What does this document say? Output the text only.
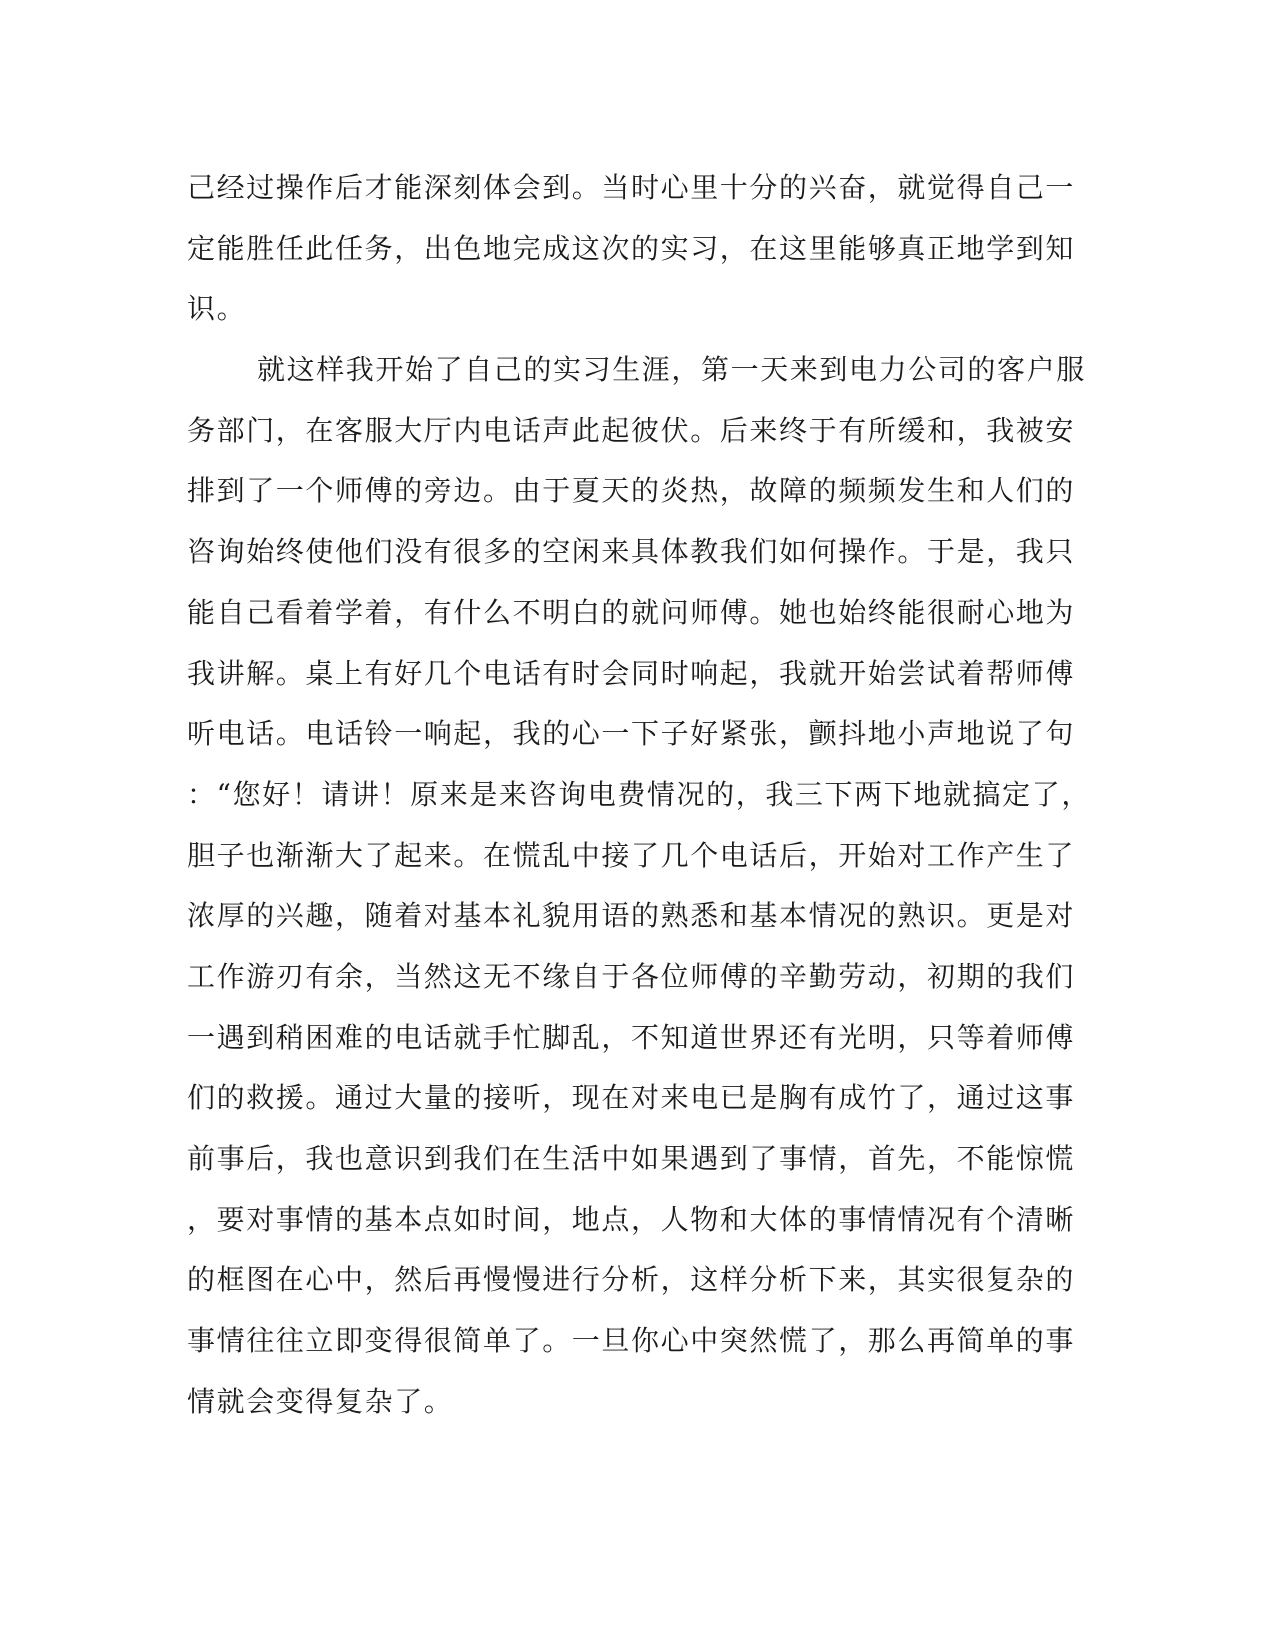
己经过操作后才能深刻体会到。当时心里十分的兴奋，就觉得自己一
定能胜任此任务，出色地完成这次的实习，在这里能够真正地学到知
识。
就这样我开始了自己的实习生涯，第一天来到电力公司的客户服
务部门，在客服大厅内电话声此起彼伏。后来终于有所缓和，我被安
排到了一个师傅的旁边。由于夏天的炎热，故障的频频发生和人们的
咨询始终使他们没有很多的空闲来具体教我们如何操作。于是，我只
能自己看着学着，有什么不明白的就问师傅。她也始终能很耐心地为
我讲解。桌上有好几个电话有时会同时响起，我就开始尝试着帮师傅
听电话。电话铃一响起，我的心一下子好紧张，颤抖地小声地说了句
：“您好！请讲！原来是来咨询电费情况的，我三下两下地就搞定了，
胆子也渐渐大了起来。在慌乱中接了几个电话后，开始对工作产生了
浓厚的兴趣，随着对基本礼貌用语的熟悉和基本情况的熟识。更是对
工作游刃有余，当然这无不缘自于各位师傅的辛勤劳动，初期的我们
一遇到稍困难的电话就手忙脚乱，不知道世界还有光明，只等着师傅
们的救援。通过大量的接听，现在对来电已是胸有成竹了，通过这事
前事后，我也意识到我们在生活中如果遇到了事情，首先，不能惊慌
，要对事情的基本点如时间，地点，人物和大体的事情情况有个清晰
的框图在心中，然后再慢慢进行分析，这样分析下来，其实很复杂的
事情往往立即变得很简单了。一旦你心中突然慌了，那么再简单的事
情就会变得复杂了。
